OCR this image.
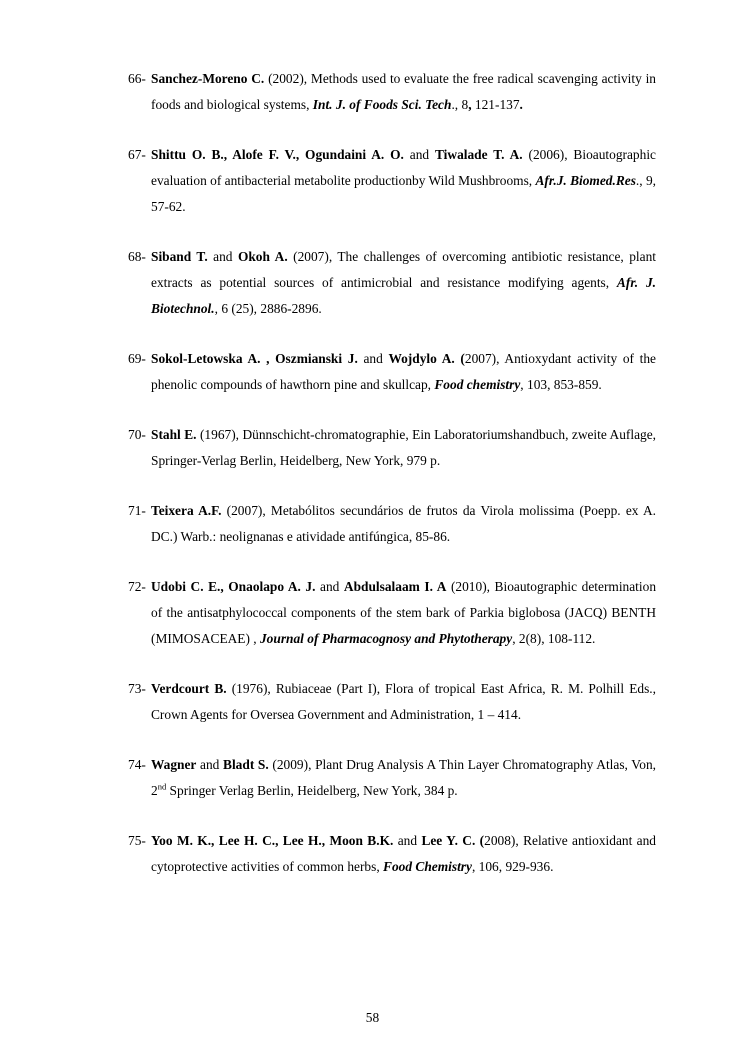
66- Sanchez-Moreno C. (2002), Methods used to evaluate the free radical scavenging activity in foods and biological systems, Int. J. of Foods Sci. Tech., 8, 121-137.
67- Shittu O. B., Alofe F. V., Ogundaini A. O. and Tiwalade T. A. (2006), Bioautographic evaluation of antibacterial metabolite productionby Wild Mushbrooms, Afr.J. Biomed.Res., 9, 57-62.
68- Siband T. and Okoh A. (2007), The challenges of overcoming antibiotic resistance, plant extracts as potential sources of antimicrobial and resistance modifying agents, Afr. J. Biotechnol., 6 (25), 2886-2896.
69- Sokol-Letowska A. , Oszmianski J. and Wojdylo A. (2007), Antioxydant activity of the phenolic compounds of hawthorn pine and skullcap, Food chemistry, 103, 853-859.
70- Stahl E. (1967), Dünnschicht-chromatographie, Ein Laboratoriumshandbuch, zweite Auflage, Springer-Verlag Berlin, Heidelberg, New York, 979 p.
71- Teixera A.F. (2007), Metabólitos secundários de frutos da Virola molissima (Poepp. ex A. DC.) Warb.: neolignanas e atividade antifúngica, 85-86.
72- Udobi C. E., Onaolapo A. J. and Abdulsalaam I. A (2010), Bioautographic determination of the antisatphylococcal components of the stem bark of Parkia biglobosa (JACQ) BENTH (MIMOSACEAE) , Journal of Pharmacognosy and Phytotherapy, 2(8), 108-112.
73- Verdcourt B. (1976), Rubiaceae (Part I), Flora of tropical East Africa, R. M. Polhill Eds., Crown Agents for Oversea Government and Administration, 1 – 414.
74- Wagner and Bladt S. (2009), Plant Drug Analysis A Thin Layer Chromatography Atlas, Von, 2nd Springer Verlag Berlin, Heidelberg, New York, 384 p.
75- Yoo M. K., Lee H. C., Lee H., Moon B.K. and Lee Y. C. (2008), Relative antioxidant and cytoprotective activities of common herbs, Food Chemistry, 106, 929-936.
58
